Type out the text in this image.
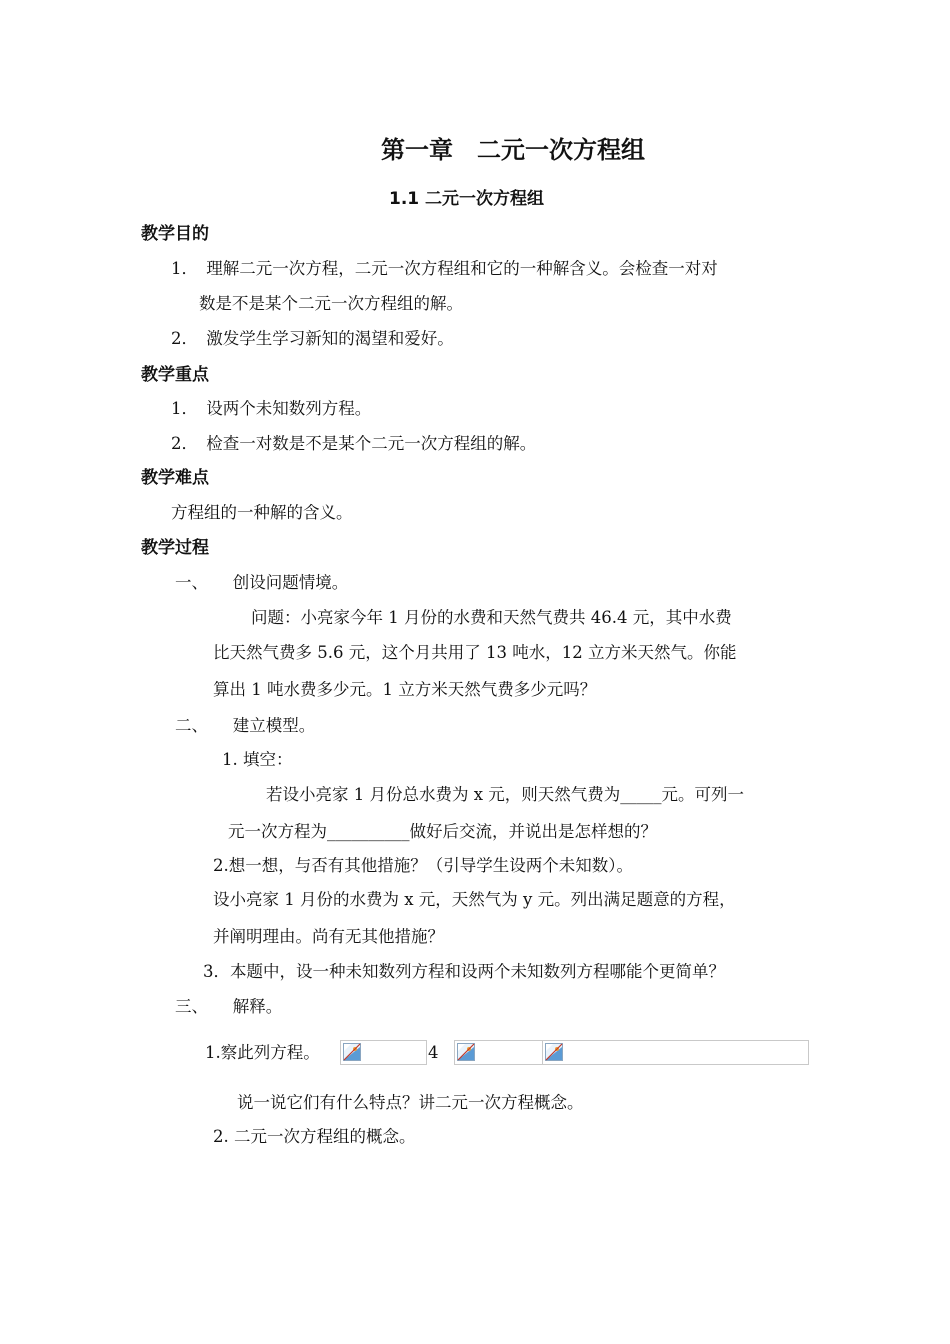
第一章　二元一次方程组
1.1 二元一次方程组
教学目的
1．　理解二元一次方程，二元一次方程组和它的一种解含义。会检查一对对
数是不是某个二元一次方程组的解。
2．　激发学生学习新知的渴望和爱好。
教学重点
1．　设两个未知数列方程。
2．　检查一对数是不是某个二元一次方程组的解。
教学难点
方程组的一种解的含义。
教学过程
一、　　创设问题情境。
问题：小亮家今年 1 月份的水费和天然气费共 46.4 元，其中水费
比天然气费多 5.6 元，这个月共用了 13 吨水，12 立方米天然气。你能
算出 1 吨水费多少元。1 立方米天然气费多少元吗？
二、　　建立模型。
1. 填空：
若设小亮家 1 月份总水费为 x 元，则天然气费为_____元。可列一
元一次方程为__________做好后交流，并说出是怎样想的？
2.想一想，与否有其他措施？（引导学生设两个未知数）。
设小亮家 1 月份的水费为 x 元，天然气为 y 元。列出满足题意的方程，
并阐明理由。尚有无其他措施？
3．本题中，设一种未知数列方程和设两个未知数列方程哪能个更简单？
三、　　解释。
1.察此列方程。	4
说一说它们有什么特点？讲二元一次方程概念。
2. 二元一次方程组的概念。
